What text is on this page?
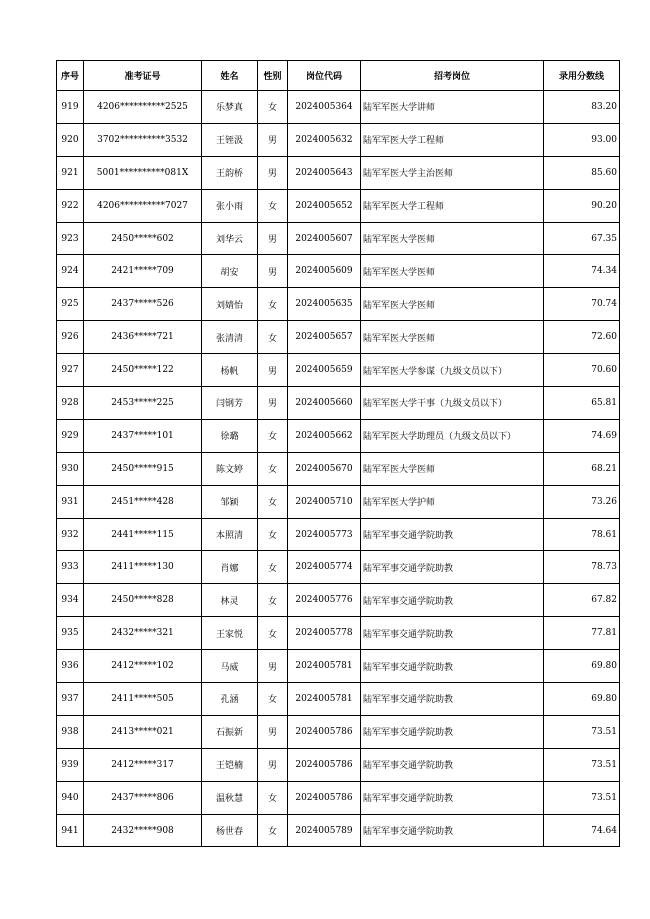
序号	准考证号	姓名	性别	岗位代码	招考岗位	录用分数线
919	4206**********2525	乐梦真	女	2024005364	陆军军医大学讲师	83.20
920	3702**********3532	王铚汲	男	2024005632	陆军军医大学工程师	93.00
921	5001**********081X	王韵桥	男	2024005643	陆军军医大学主治医师	85.60
922	4206**********7027	张小雨	女	2024005652	陆军军医大学工程师	90.20
923	2450*****602	刘华云	男	2024005607	陆军军医大学医师	67.35
924	2421*****709	胡安	男	2024005609	陆军军医大学医师	74.34
925	2437*****526	刘婧怡	女	2024005635	陆军军医大学医师	70.74
926	2436*****721	张清清	女	2024005657	陆军军医大学医师	72.60
927	2450*****122	杨帆	男	2024005659	陆军军医大学参谋（九级文员以下）	70.60
928	2453*****225	闫钢芳	男	2024005660	陆军军医大学干事（九级文员以下）	65.81
929	2437*****101	徐璐	女	2024005662	陆军军医大学助理员（九级文员以下）	74.69
930	2450*****915	陈文婷	女	2024005670	陆军军医大学医师	68.21
931	2451*****428	邹颖	女	2024005710	陆军军医大学护师	73.26
932	2441*****115	本照清	女	2024005773	陆军军事交通学院助教	78.61
933	2411*****130	肖娜	女	2024005774	陆军军事交通学院助教	78.73
934	2450*****828	林灵	女	2024005776	陆军军事交通学院助教	67.82
935	2432*****321	王家悦	女	2024005778	陆军军事交通学院助教	77.81
936	2412*****102	马威	男	2024005781	陆军军事交通学院助教	69.80
937	2411*****505	孔涵	女	2024005781	陆军军事交通学院助教	69.80
938	2413*****021	石振新	男	2024005786	陆军军事交通学院助教	73.51
939	2412*****317	王铠楠	男	2024005786	陆军军事交通学院助教	73.51
940	2437*****806	温秋慧	女	2024005786	陆军军事交通学院助教	73.51
941	2432*****908	杨世春	女	2024005789	陆军军事交通学院助教	74.64
